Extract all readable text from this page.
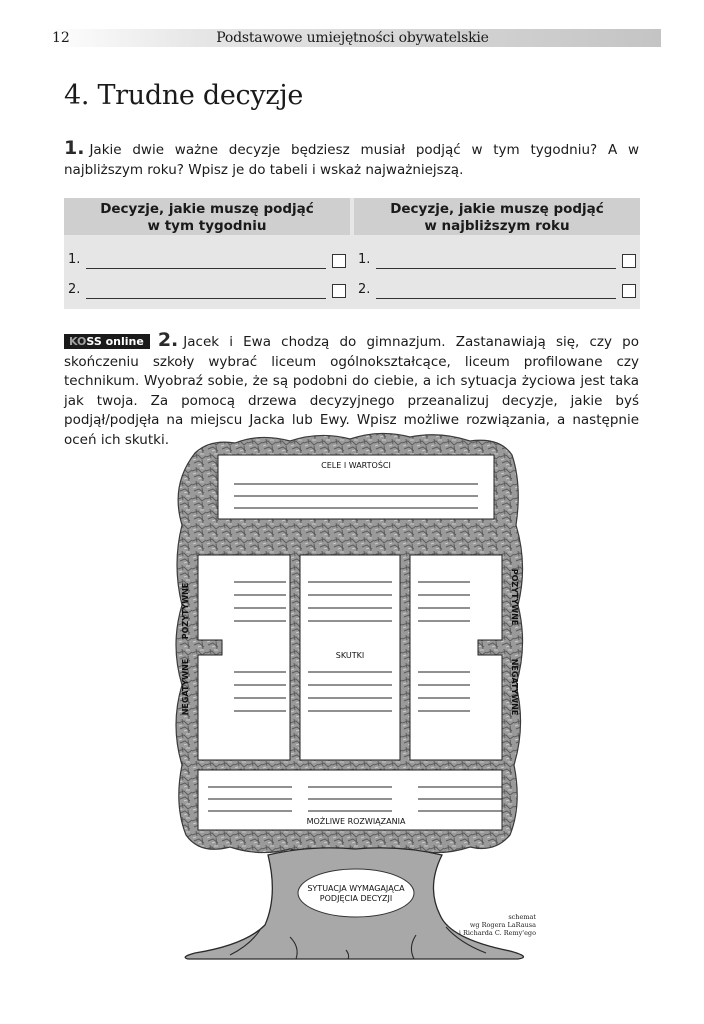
12	Podstawowe umiejętności obywatelskie
4. Trudne decyzje
1. Jakie dwie ważne decyzje będziesz musiał podjąć w tym tygodniu? A w najbliższym roku? Wpisz je do tabeli i wskaż najważniejszą.
Decyzje, jakie muszę podjąć
w tym tygodniu
1.
2.
Decyzje, jakie muszę podjąć
w najbliższym roku
1.
2.
KOSS online 2. Jacek i Ewa chodzą do gimnazjum. Zastanawiają się, czy po skończeniu szkoły wybrać liceum ogólnokształcące, liceum profilowane czy technikum. Wyobraź sobie, że są podobni do ciebie, a ich sytuacja życiowa jest taka jak twoja. Za pomocą drzewa decyzyjnego przeanalizuj decyzje, jakie byś podjął/podjęła na miejscu Jacka lub Ewy. Wpisz możliwe rozwiązania, a następnie oceń ich skutki.
CELE I WARTOŚCI
SKUTKI
MOŻLIWE ROZWIĄZANIA
POZYTYWNE
NEGATYWNE
POZYTYWNE
NEGATYWNE
SYTUACJA WYMAGAJĄCA
PODJĘCIA DECYZJI
schemat
wg Rogera LaRausa
i Richarda C. Remy'ego
